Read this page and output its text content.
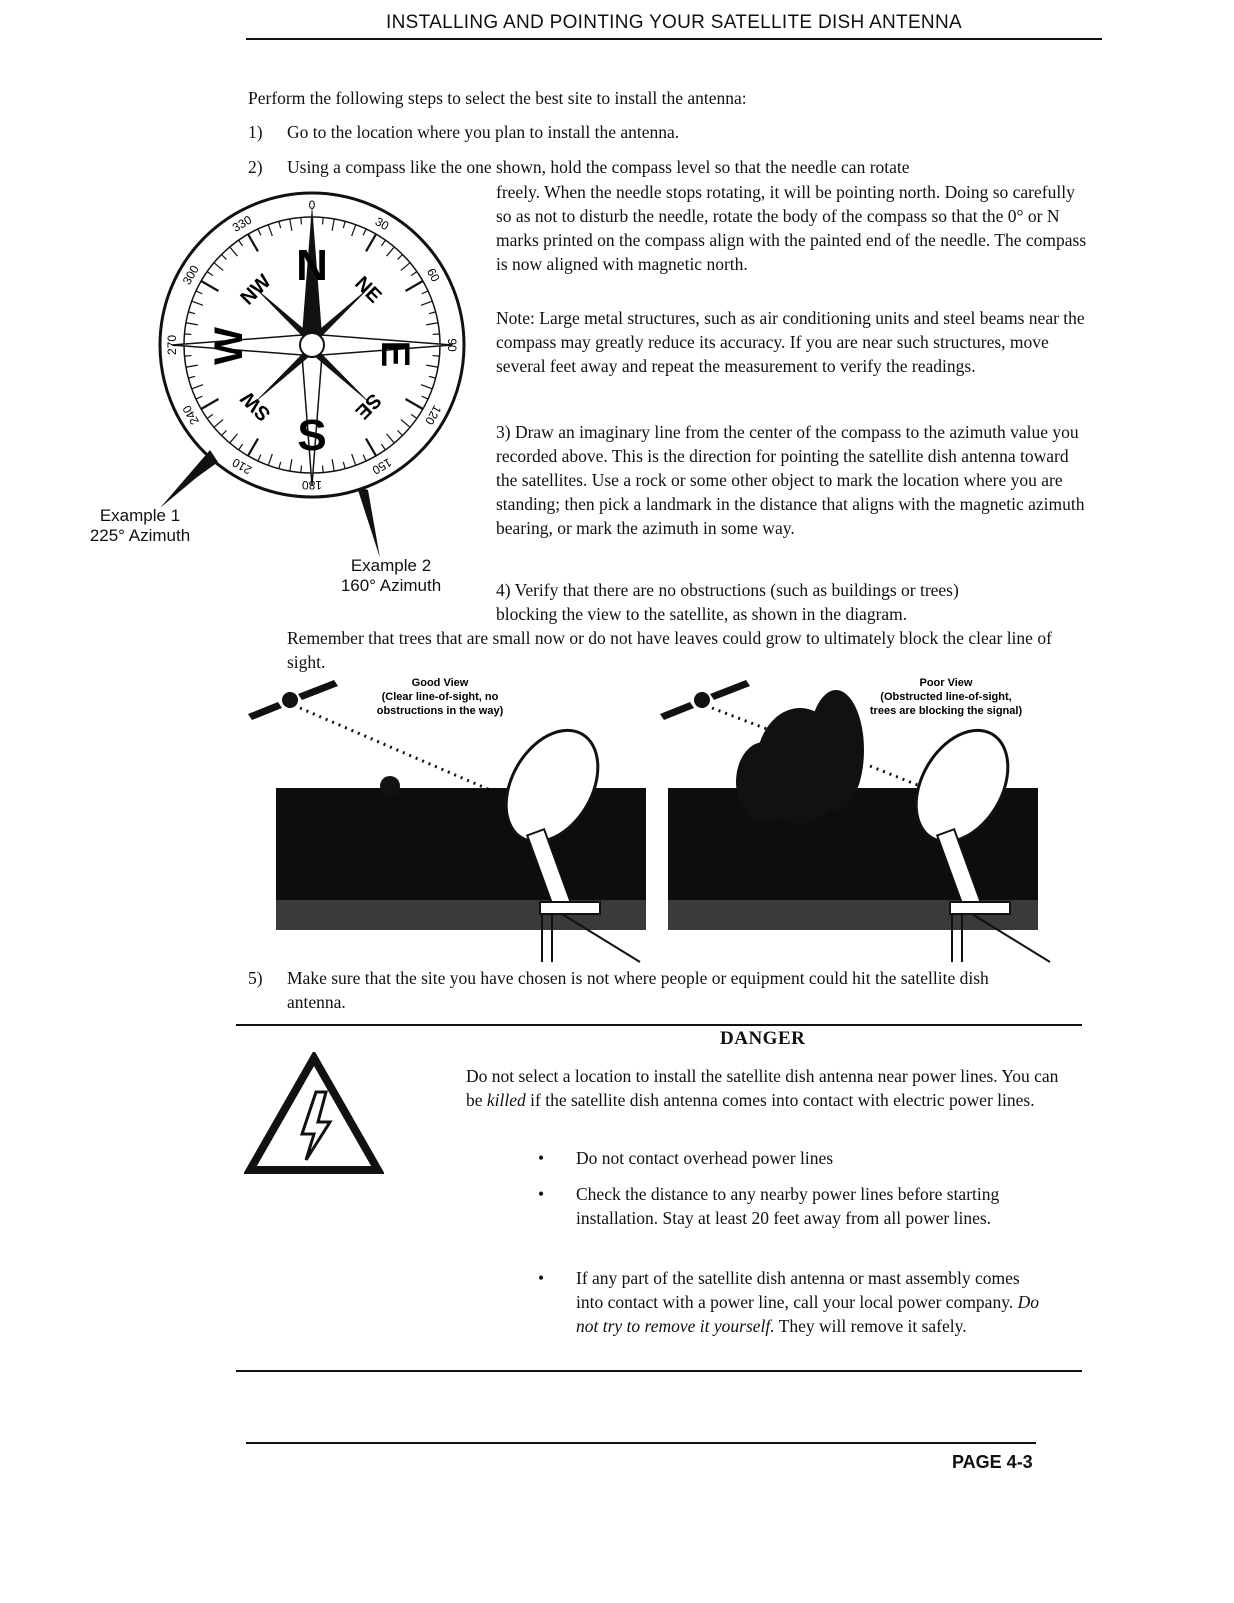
INSTALLING AND POINTING YOUR SATELLITE DISH ANTENNA
Perform the following steps to select the best site to install the antenna:
1) Go to the location where you plan to install the antenna.
2) Using a compass like the one shown, hold the compass level so that the needle can rotate
freely. When the needle stops rotating, it will be pointing north. Doing so carefully so as not to disturb the needle, rotate the body of the compass so that the 0° or N marks printed on the compass align with the painted end of the needle. The compass is now aligned with magnetic north.
Note: Large metal structures, such as air conditioning units and steel beams near the compass may greatly reduce its accuracy. If you are near such structures, move several feet away and repeat the measurement to verify the readings.
3) Draw an imaginary line from the center of the compass to the azimuth value you recorded above. This is the direction for pointing the satellite dish antenna toward the satellites. Use a rock or some other object to mark the location where you are standing; then pick a landmark in the distance that aligns with the magnetic azimuth bearing, or mark the azimuth in some way.
4) Verify that there are no obstructions (such as buildings or trees)
blocking the view to the satellite, as shown in the diagram.
Remember that trees that are small now or do not have leaves could grow to ultimately block the clear line of sight.
N
E
S
W
NE
SE
SW
NW
0
30
60
90
120
150
180
210
240
270
300
330
Example 1
225° Azimuth
Example 2
160° Azimuth
Good View
(Clear line-of-sight, no
obstructions in the way)
Poor View
(Obstructed line-of-sight,
trees are blocking the signal)
5) Make sure that the site you have chosen is not where people or equipment could hit the satellite dish antenna.
DANGER
Do not select a location to install the satellite dish antenna near power lines. You can be killed if the satellite dish antenna comes into contact with electric power lines.
• Do not contact overhead power lines
• Check the distance to any nearby power lines before starting installation. Stay at least 20 feet away from all power lines.
• If any part of the satellite dish antenna or mast assembly comes into contact with a power line, call your local power company. Do not try to remove it yourself. They will remove it safely.
PAGE 4-3
